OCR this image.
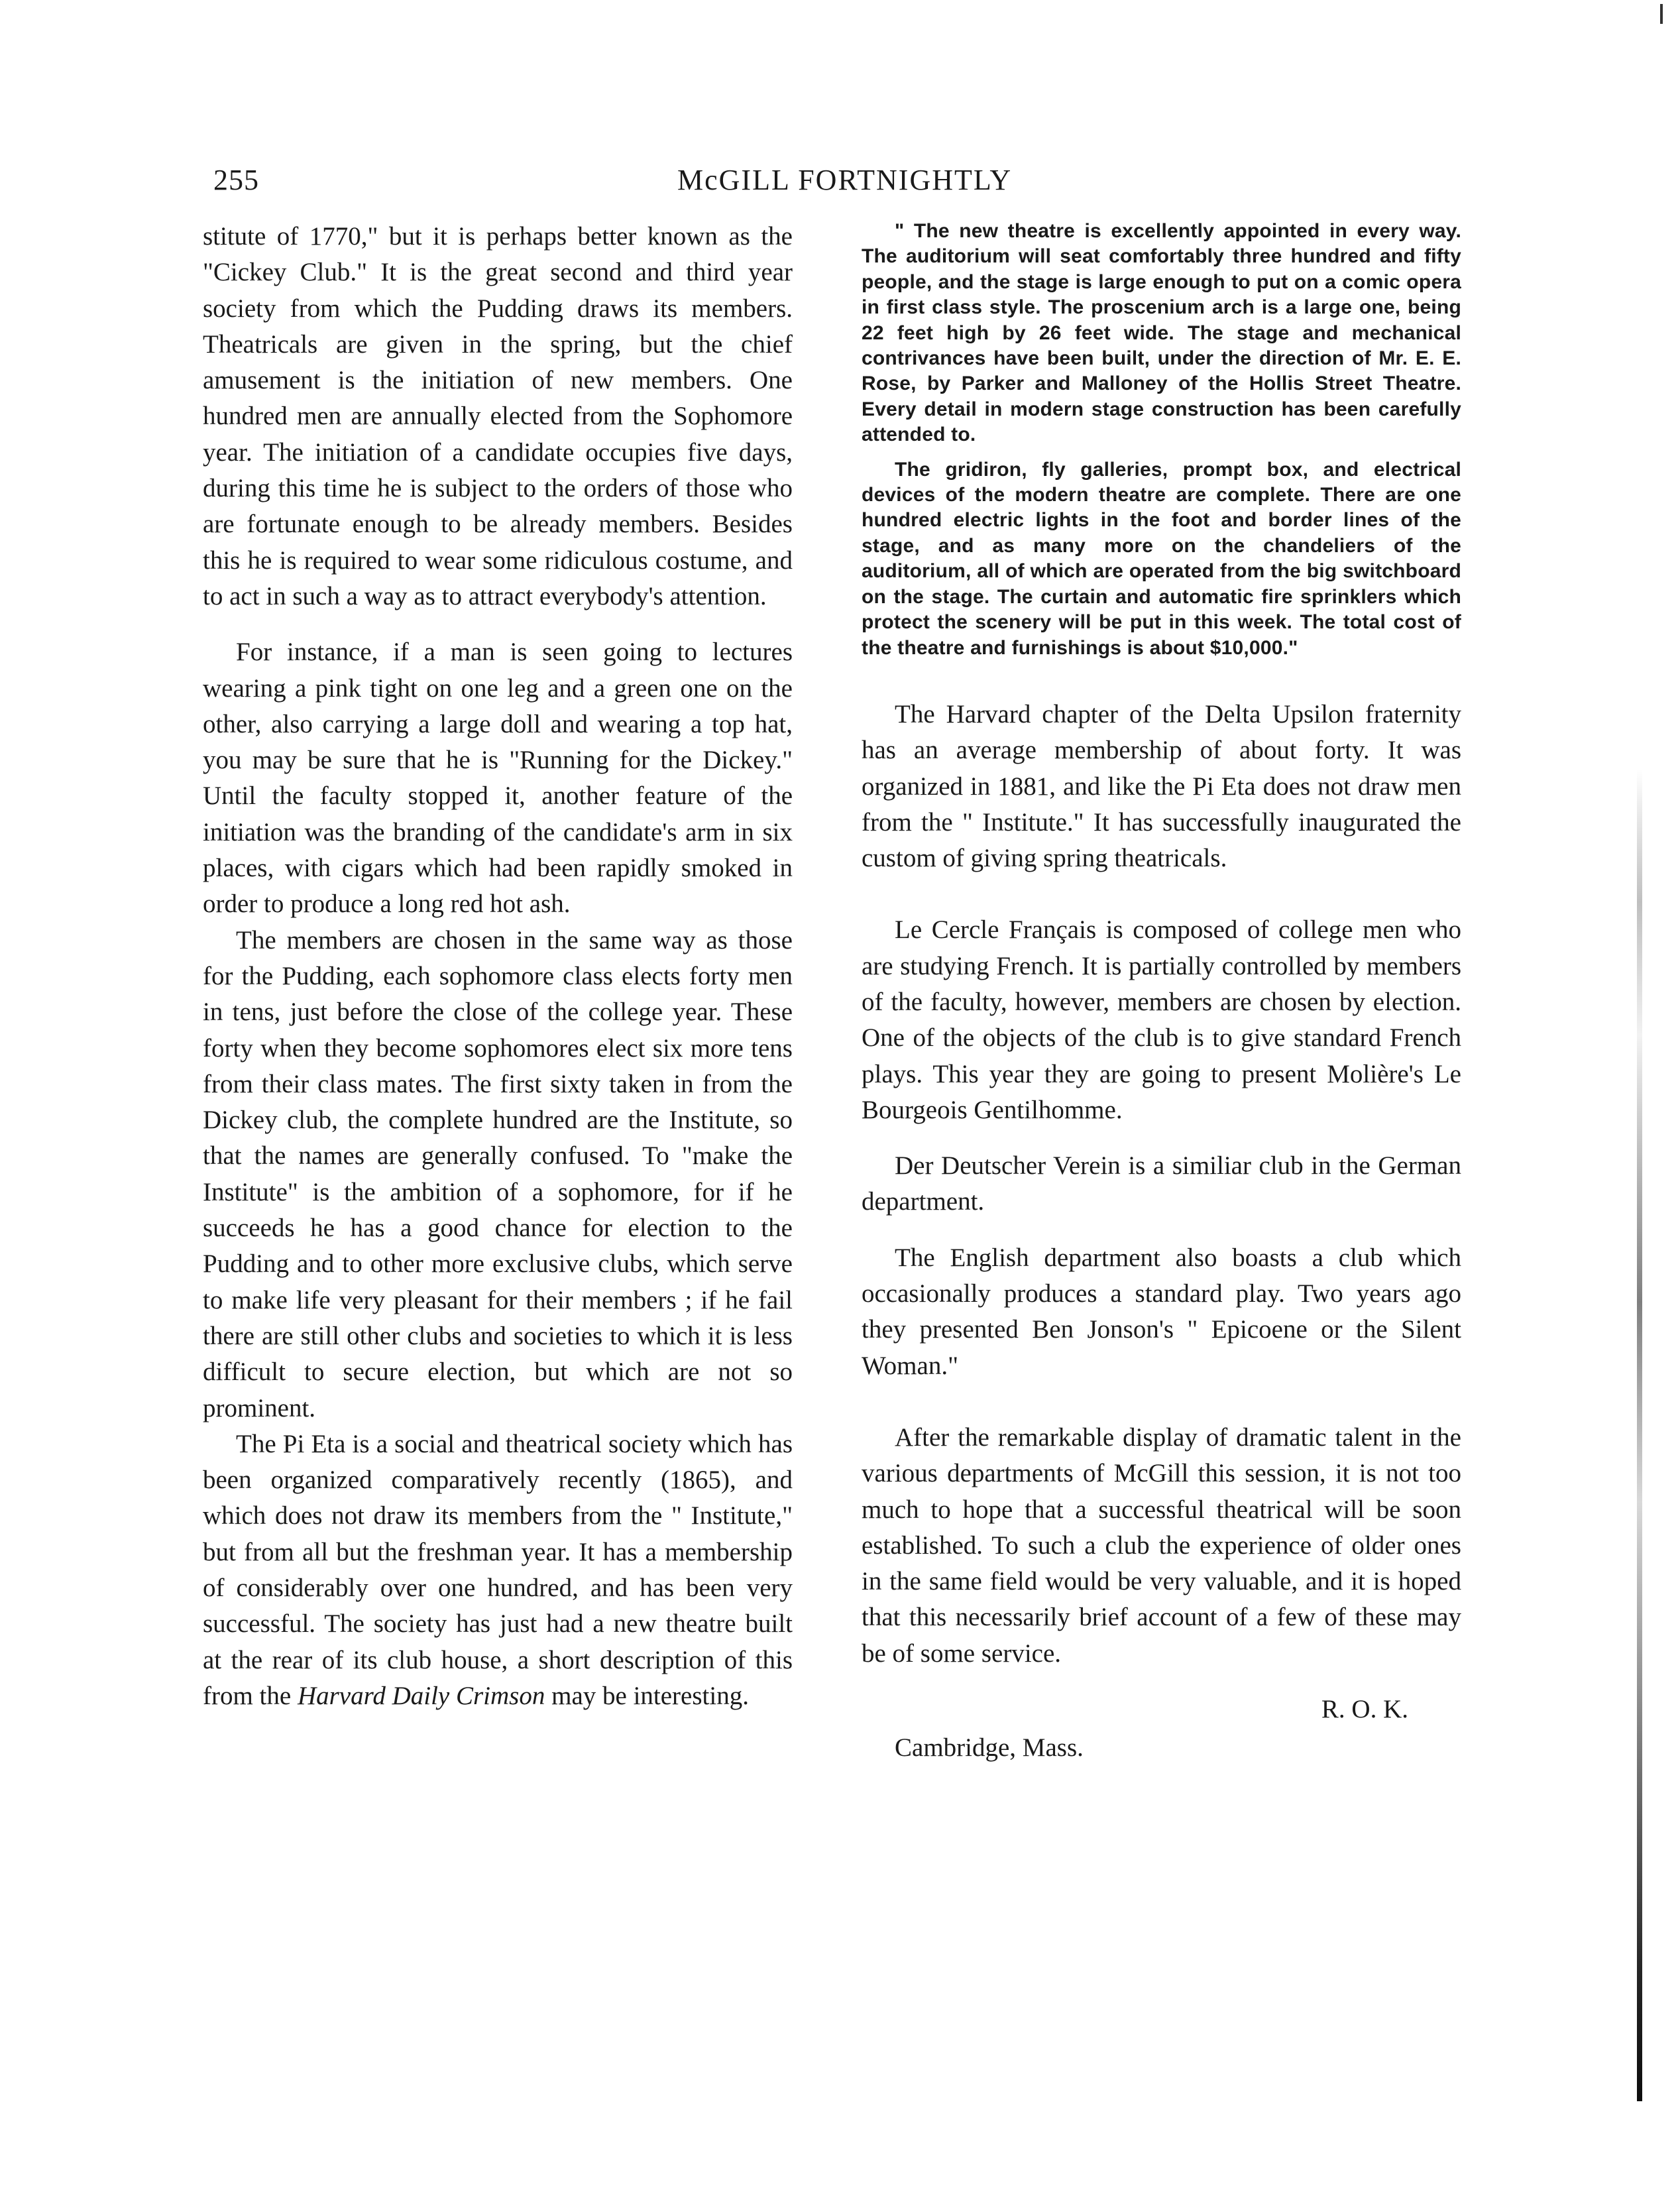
255	McGILL FORTNIGHTLY

stitute of 1770," but it is perhaps better known as the "Cickey Club." It is the great second and third year society from which the Pudding draws its members. Theatricals are given in the spring, but the chief amusement is the initiation of new members. One hundred men are annually elected from the Sophomore year. The initiation of a candidate occupies five days, during this time he is subject to the orders of those who are fortunate enough to be already members. Besides this he is required to wear some ridiculous costume, and to act in such a way as to attract everybody's attention.

For instance, if a man is seen going to lectures wearing a pink tight on one leg and a green one on the other, also carrying a large doll and wearing a top hat, you may be sure that he is "Running for the Dickey." Until the faculty stopped it, another feature of the initiation was the branding of the candidate's arm in six places, with cigars which had been rapidly smoked in order to produce a long red hot ash.

The members are chosen in the same way as those for the Pudding, each sophomore class elects forty men in tens, just before the close of the college year. These forty when they become sophomores elect six more tens from their class mates. The first sixty taken in from the Dickey club, the complete hundred are the Institute, so that the names are generally confused. To "make the Institute" is the ambition of a sophomore, for if he succeeds he has a good chance for election to the Pudding and to other more exclusive clubs, which serve to make life very pleasant for their members ; if he fail there are still other clubs and societies to which it is less difficult to secure election, but which are not so prominent.

The Pi Eta is a social and theatrical society which has been organized comparatively recently (1865), and which does not draw its members from the " Institute," but from all but the freshman year. It has a membership of considerably over one hundred, and has been very successful. The society has just had a new theatre built at the rear of its club house, a short description of this from the Harvard Daily Crimson may be interesting.

" The new theatre is excellently appointed in every way. The auditorium will seat comfortably three hundred and fifty people, and the stage is large enough to put on a comic opera in first class style. The proscenium arch is a large one, being 22 feet high by 26 feet wide. The stage and mechanical contrivances have been built, under the direction of Mr. E. E. Rose, by Parker and Malloney of the Hollis Street Theatre. Every detail in modern stage construction has been carefully attended to.

The gridiron, fly galleries, prompt box, and electrical devices of the modern theatre are complete. There are one hundred electric lights in the foot and border lines of the stage, and as many more on the chandeliers of the auditorium, all of which are operated from the big switchboard on the stage. The curtain and automatic fire sprinklers which protect the scenery will be put in this week. The total cost of the theatre and furnishings is about $10,000."

The Harvard chapter of the Delta Upsilon fraternity has an average membership of about forty. It was organized in 1881, and like the Pi Eta does not draw men from the " Institute." It has successfully inaugurated the custom of giving spring theatricals.

Le Cercle Français is composed of college men who are studying French. It is partially controlled by members of the faculty, however, members are chosen by election. One of the objects of the club is to give standard French plays. This year they are going to present Molière's Le Bourgeois Gentilhomme.

Der Deutscher Verein is a similiar club in the German department.

The English department also boasts a club which occasionally produces a standard play. Two years ago they presented Ben Jonson's " Epicoene or the Silent Woman."

After the remarkable display of dramatic talent in the various departments of McGill this session, it is not too much to hope that a successful theatrical will be soon established. To such a club the experience of older ones in the same field would be very valuable, and it is hoped that this necessarily brief account of a few of these may be of some service.

R. O. K.

Cambridge, Mass.
